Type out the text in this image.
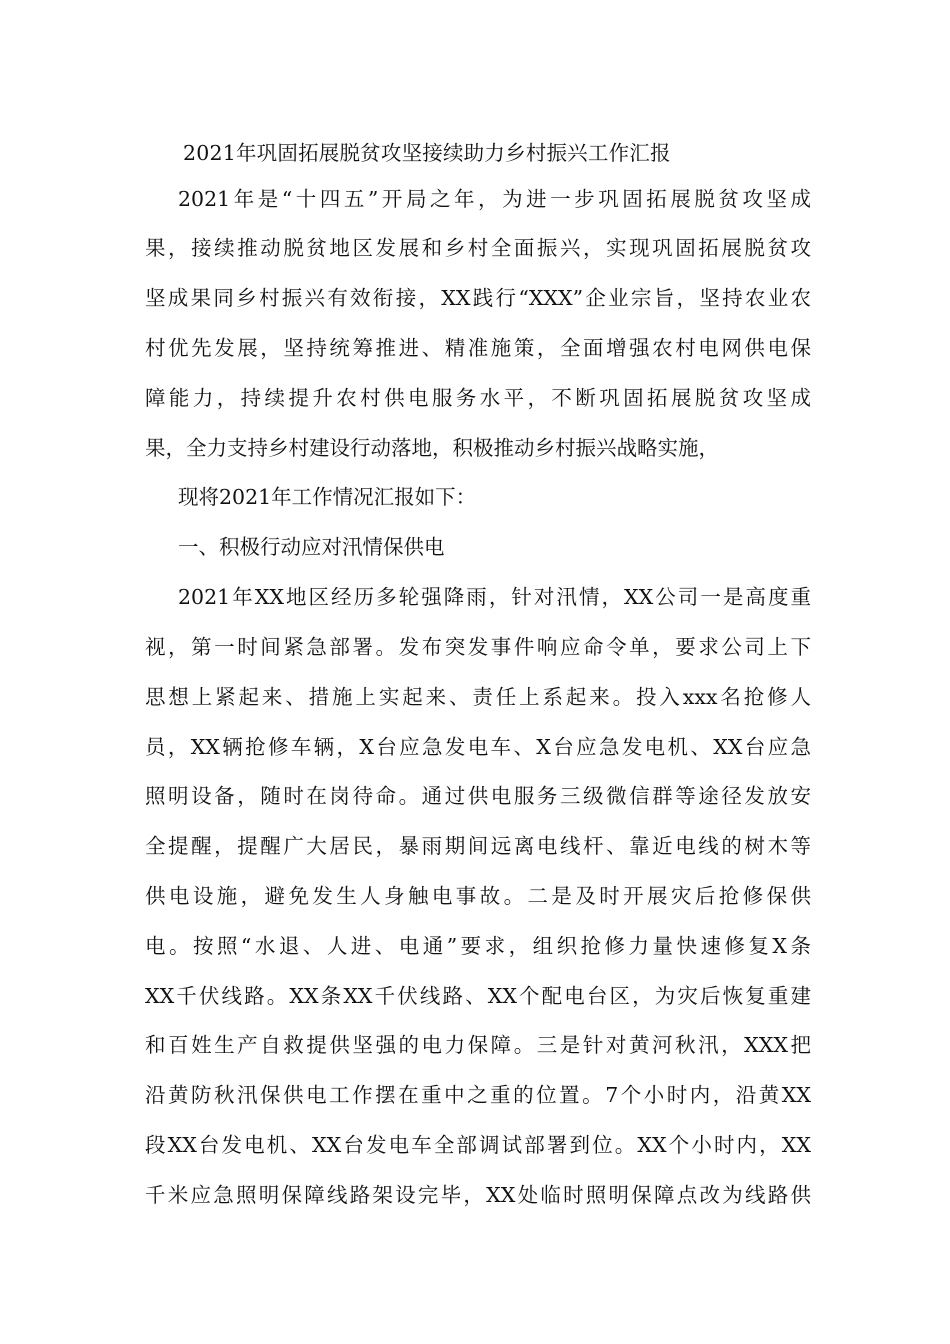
2021年巩固拓展脱贫攻坚接续助力乡村振兴工作汇报
2021年是“十四五”开局之年，为进一步巩固拓展脱贫攻坚成
果，接续推动脱贫地区发展和乡村全面振兴，实现巩固拓展脱贫攻
坚成果同乡村振兴有效衔接，XX践行“XXX”企业宗旨，坚持农业农
村优先发展，坚持统筹推进、精准施策，全面增强农村电网供电保
障能力，持续提升农村供电服务水平，不断巩固拓展脱贫攻坚成
果，全力支持乡村建设行动落地，积极推动乡村振兴战略实施，
现将2021年工作情况汇报如下：
一、积极行动应对汛情保供电
2021年XX地区经历多轮强降雨，针对汛情，XX公司一是高度重
视，第一时间紧急部署。发布突发事件响应命令单，要求公司上下
思想上紧起来、措施上实起来、责任上系起来。投入xxx名抢修人
员，XX辆抢修车辆，X台应急发电车、X台应急发电机、XX台应急
照明设备，随时在岗待命。通过供电服务三级微信群等途径发放安
全提醒，提醒广大居民，暴雨期间远离电线杆、靠近电线的树木等
供电设施，避免发生人身触电事故。二是及时开展灾后抢修保供
电。按照“水退、人进、电通”要求，组织抢修力量快速修复X条
XX千伏线路。XX条XX千伏线路、XX个配电台区，为灾后恢复重建
和百姓生产自救提供坚强的电力保障。三是针对黄河秋汛，XXX把
沿黄防秋汛保供电工作摆在重中之重的位置。7个小时内，沿黄XX
段XX台发电机、XX台发电车全部调试部署到位。XX个小时内，XX
千米应急照明保障线路架设完毕，XX处临时照明保障点改为线路供
